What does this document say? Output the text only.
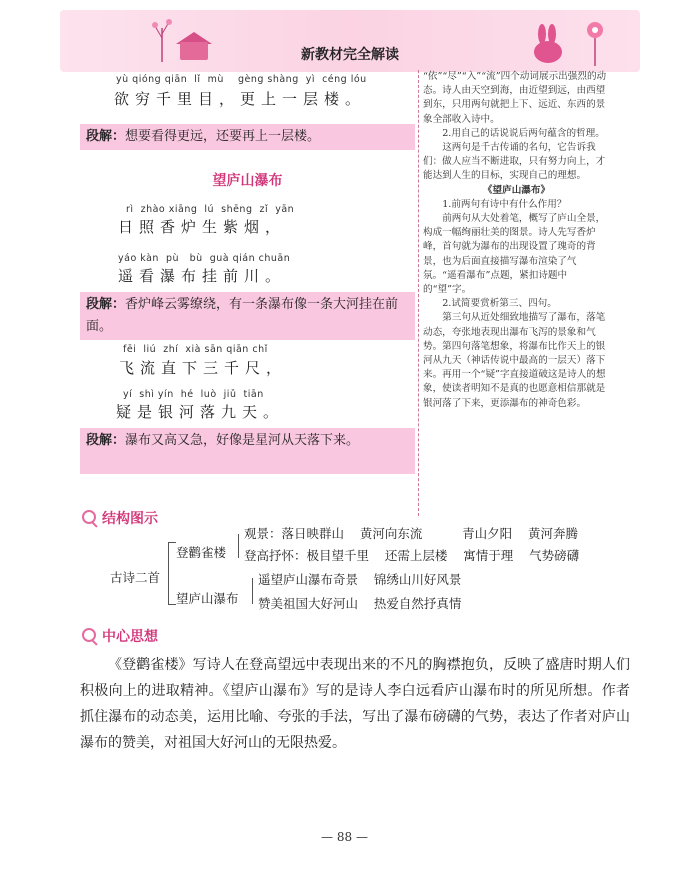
新教材完全解读
yù qióng qiān  lǐ  mù    gèng shàng  yì  céng lóu
欲穷千里目，更上一层楼。
段解：想要看得更远，还要再上一层楼。
望庐山瀑布
rì  zhào xiāng  lú  shēng  zǐ  yān
日照香炉生紫烟，
yáo kàn  pù   bù  guà qián chuān
遥看瀑布挂前川。
段解：香炉峰云雾缭绕，有一条瀑布像一条大河挂在前面。
fēi  liú  zhí  xià sān qiān chǐ
飞流直下三千尺，
yí  shì yín  hé  luò  jiǔ  tiān
疑是银河落九天。
段解：瀑布又高又急，好像是星河从天落下来。

“依”“尽”“入”“流”四个动词展示出强烈的动态。诗人由天空到海，由近望到远，由西望到东，只用两句就把上下、远近、东西的景象全部收入诗中。

2.用自己的话说说后两句蕴含的哲理。

这两句是千古传诵的名句，它告诉我们：做人应当不断进取，只有努力向上，才能达到人生的目标，实现自己的理想。

《望庐山瀑布》

1.前两句有诗中有什么作用？

前两句从大处着笔，概写了庐山全景，构成一幅绚丽壮美的图景。诗人先写香炉峰，首句就为瀑布的出现设置了瑰奇的背景，也为后面直接描写瀑布渲染了气氛。“遥看瀑布”点题，紧扣诗题中的“望”字。

2.试简要赏析第三、四句。

第三句从近处细致地描写了瀑布，落笔动态，夸张地表现出瀑布飞泻的景象和气势。第四句落笔想象，将瀑布比作天上的银河从九天（神话传说中最高的一层天）落下来。再用一个“疑”字直接道破这是诗人的想象，使读者明知不是真的也愿意相信那就是银河落了下来，更添瀑布的神奇色彩。

结构图示
古诗二首
登鹳雀楼
观景：落日映群山    黄河向东流          青山夕阳    黄河奔腾
登高抒怀：极目望千里    还需上层楼    寓情于理    气势磅礴
望庐山瀑布
遥望庐山瀑布奇景    锦绣山川好风景
赞美祖国大好河山    热爱自然抒真情
中心思想

《登鹳雀楼》写诗人在登高望远中表现出来的不凡的胸襟抱负，反映了盛唐时期人们积极向上的进取精神。《望庐山瀑布》写的是诗人李白远看庐山瀑布时的所见所想。作者抓住瀑布的动态美，运用比喻、夸张的手法，写出了瀑布磅礴的气势，表达了作者对庐山瀑布的赞美，对祖国大好河山的无限热爱。

— 88 —
